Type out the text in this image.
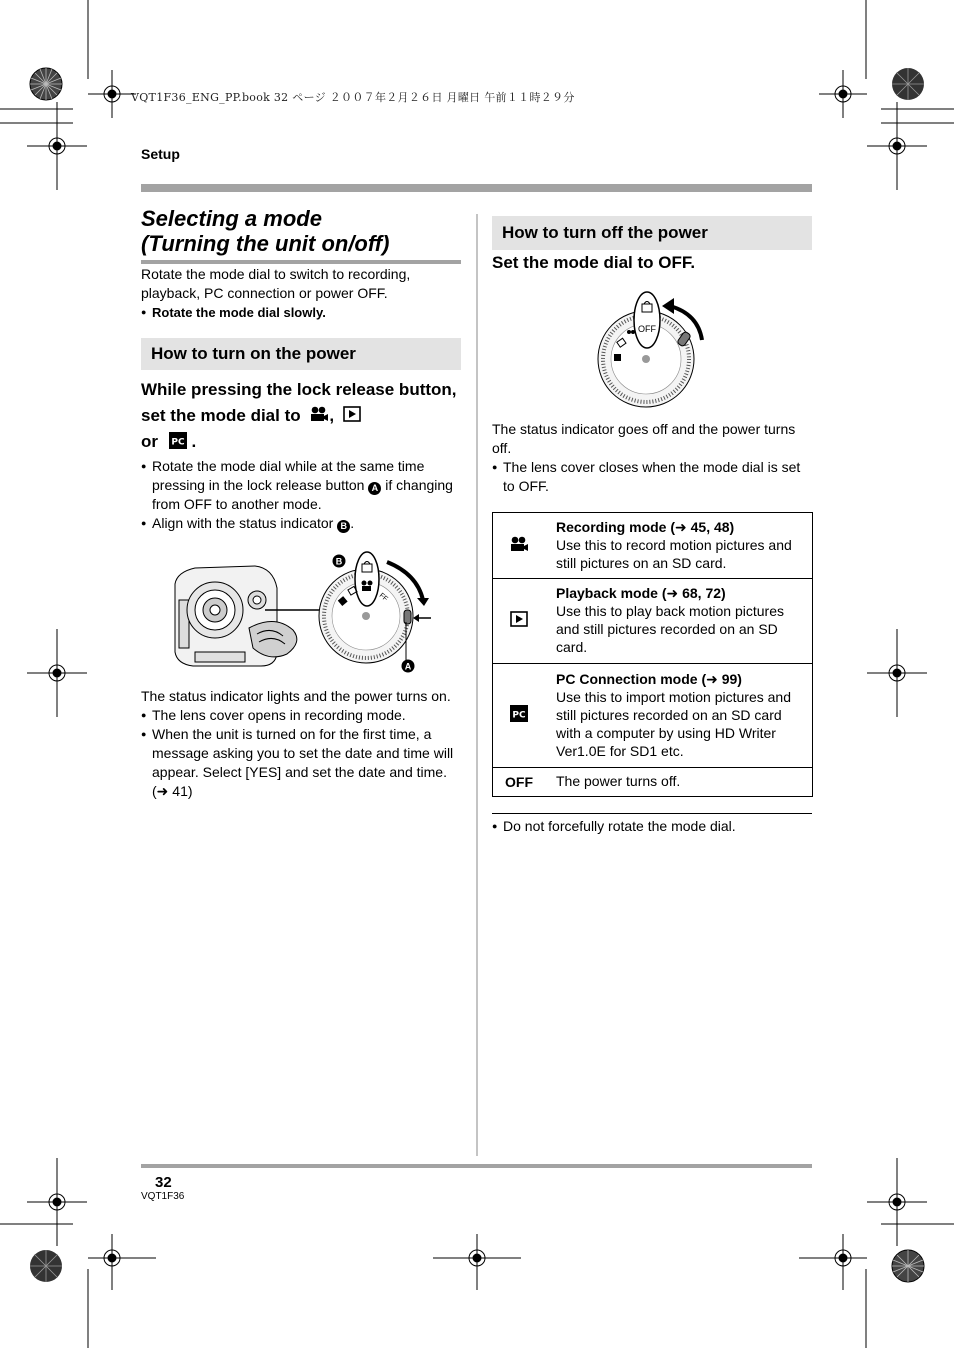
VQT1F36_ENG_PP.book 32 ページ ２００７年２月２６日 月曜日 午前１１時２９分
Setup
Selecting a mode
(Turning the unit on/off)
Rotate the mode dial to switch to recording, playback, PC connection or power OFF.
● Rotate the mode dial slowly.
How to turn on the power
While pressing the lock release button, set the mode dial to ,
or PC .
● Rotate the mode dial while at the same time pressing in the lock release button A if changing from OFF to another mode.
● Align with the status indicator B .
FF
A
B
The status indicator lights and the power turns on.
● The lens cover opens in recording mode.
● When the unit is turned on for the first time, a message asking you to set the date and time will appear. Select [YES] and set the date and time. (➜ 41)
How to turn off the power
Set the mode dial to OFF.
OFF
The status indicator goes off and the power turns off.
● The lens cover closes when the mode dial is set to OFF.

Recording mode (➜ 45, 48)
Use this to record motion pictures and still pictures on an SD card.

Playback mode (➜ 68, 72)
Use this to play back motion pictures and still pictures recorded on an SD card.

PC	PC Connection mode (➜ 99)
Use this to import motion pictures and still pictures recorded on an SD card with a computer by using HD Writer Ver1.0E for SD1 etc.

OFF	The power turns off.
● Do not forcefully rotate the mode dial.
32
VQT1F36
